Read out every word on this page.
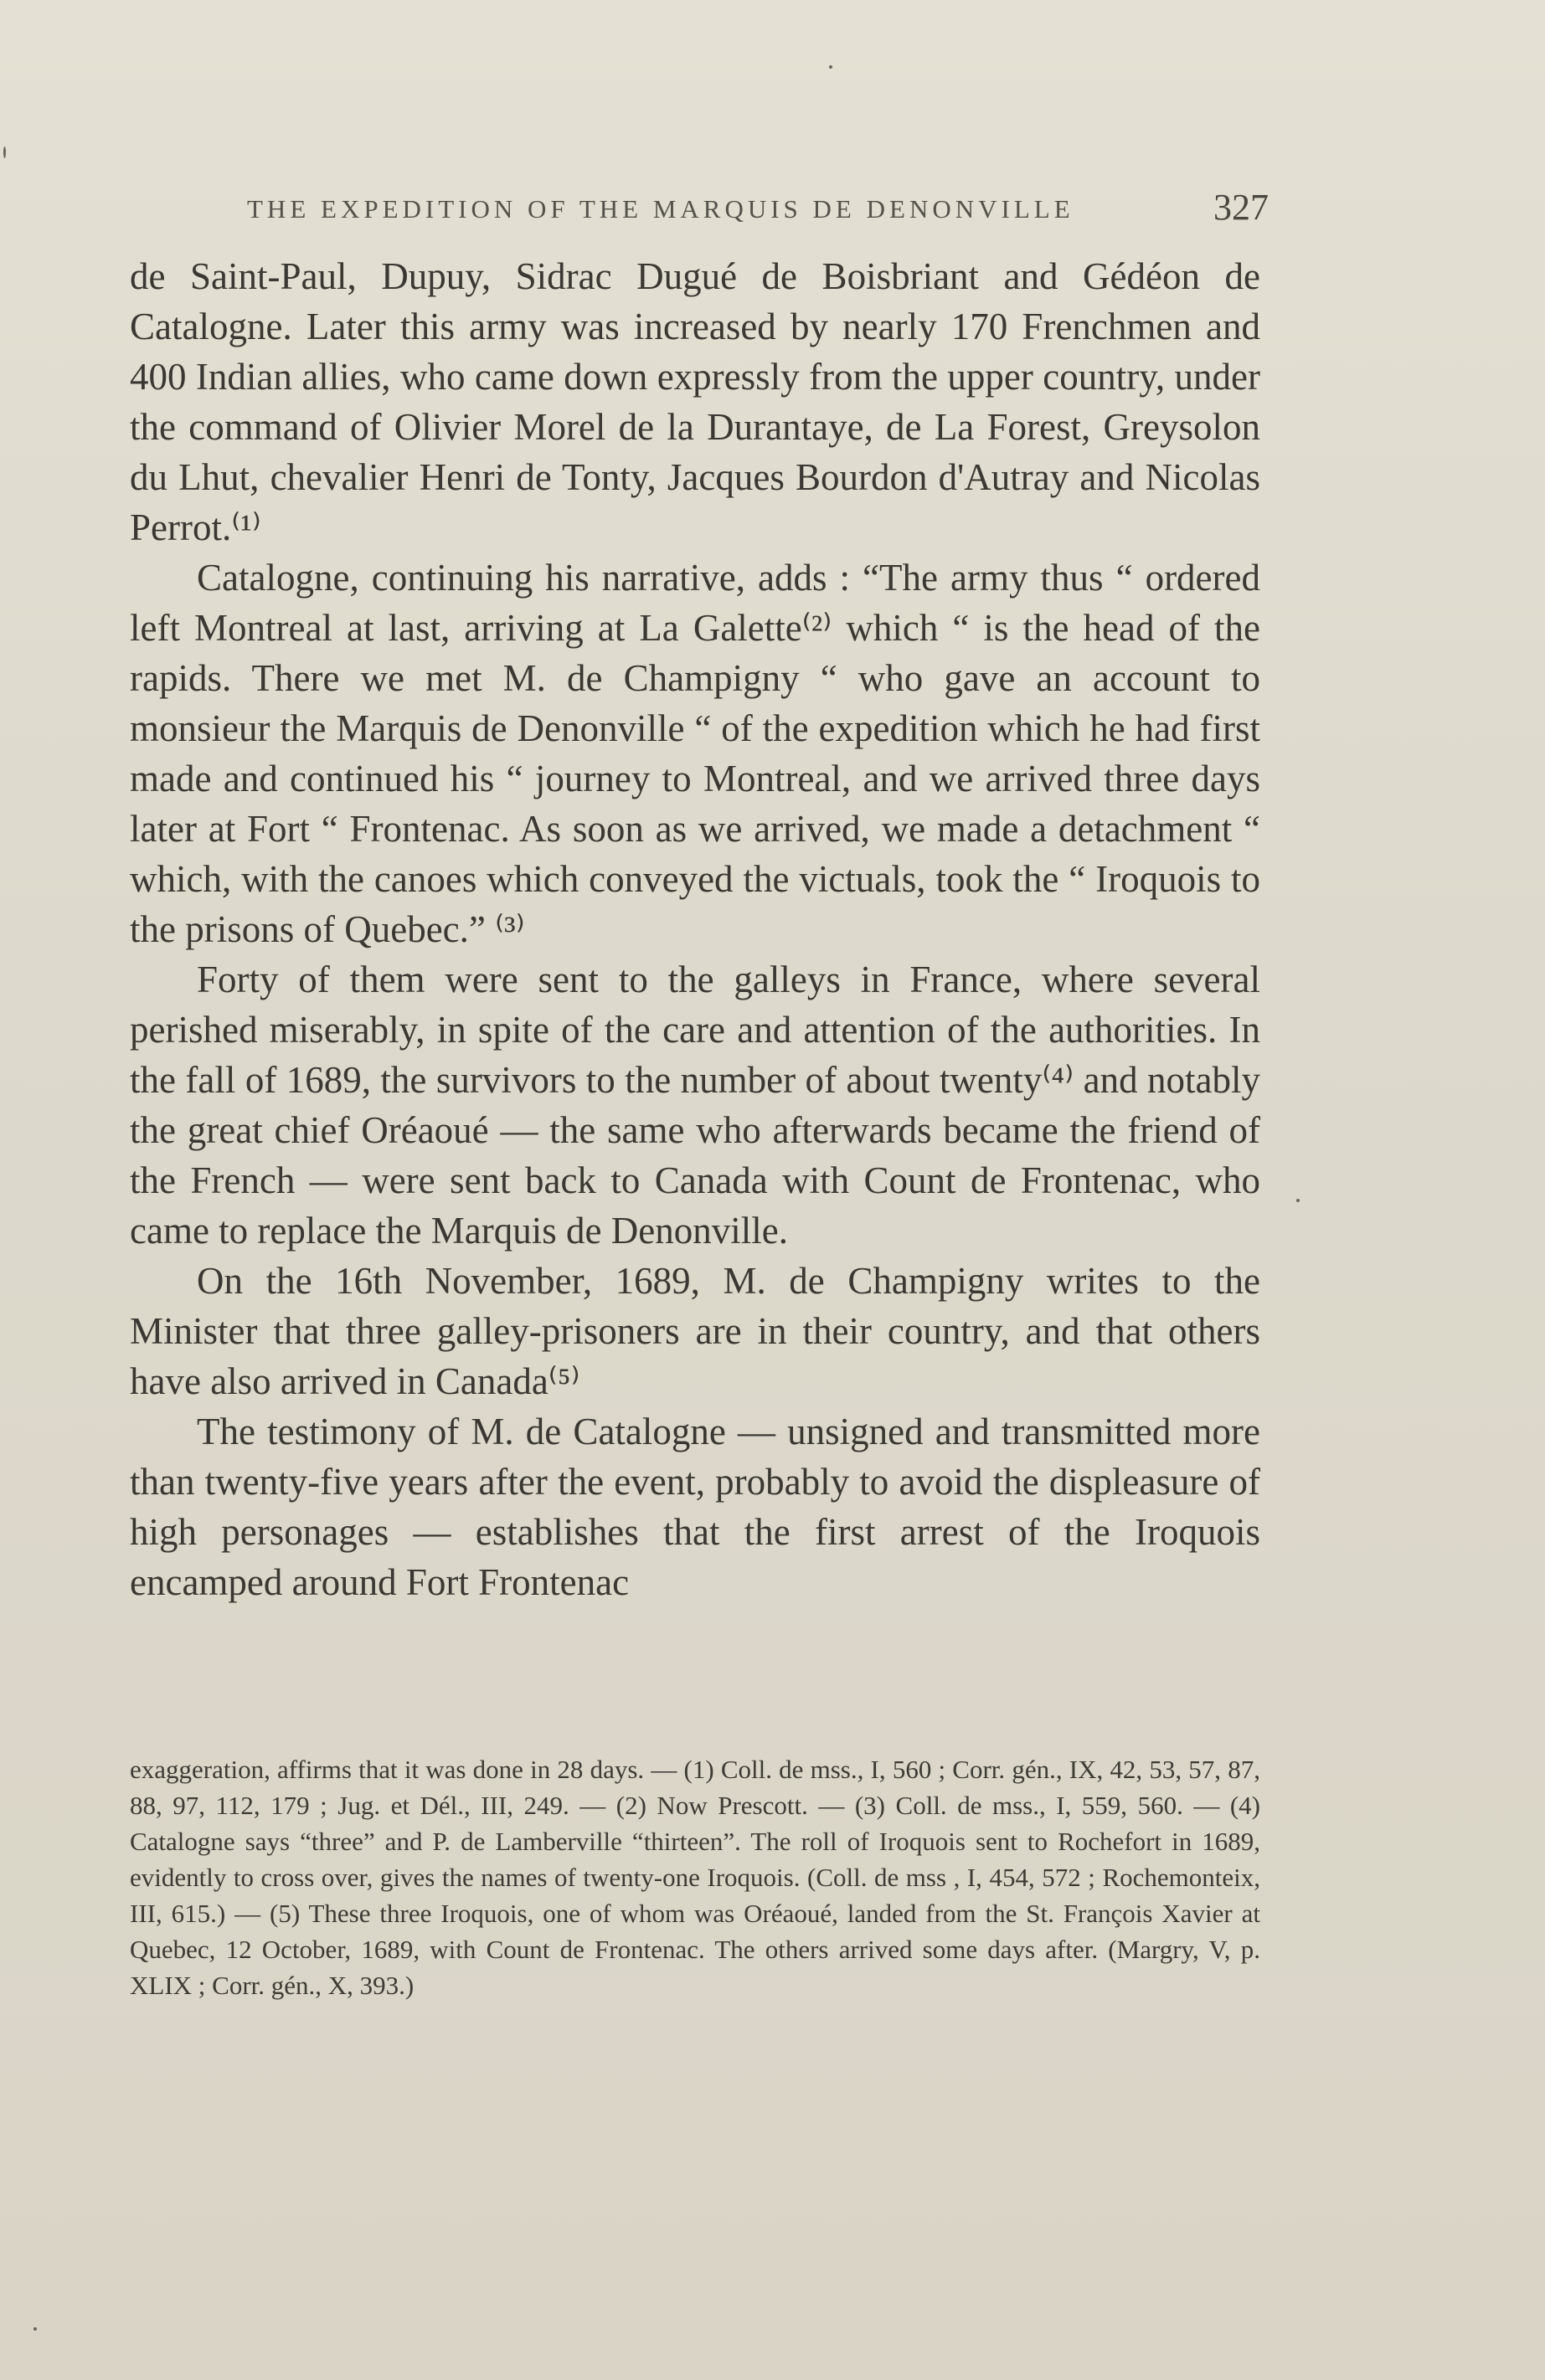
THE EXPEDITION OF THE MARQUIS DE DENONVILLE	327

de Saint-Paul, Dupuy, Sidrac Dugué de Boisbriant and Gédéon de Catalogne. Later this army was increased by nearly 170 Frenchmen and 400 Indian allies, who came down expressly from the upper country, under the command of Olivier Morel de la Durantaye, de La Forest, Greysolon du Lhut, chevalier Henri de Tonty, Jacques Bourdon d'Autray and Nicolas Perrot.⁽¹⁾

Catalogne, continuing his narrative, adds : “The army thus “ ordered left Montreal at last, arriving at La Galette⁽²⁾ which “ is the head of the rapids. There we met M. de Champigny “ who gave an account to monsieur the Marquis de Denonville “ of the expedition which he had first made and continued his “ journey to Montreal, and we arrived three days later at Fort “ Frontenac. As soon as we arrived, we made a detachment “ which, with the canoes which conveyed the victuals, took the “ Iroquois to the prisons of Quebec.” ⁽³⁾

Forty of them were sent to the galleys in France, where several perished miserably, in spite of the care and attention of the authorities. In the fall of 1689, the survivors to the number of about twenty⁽⁴⁾ and notably the great chief Oréaoué — the same who afterwards became the friend of the French — were sent back to Canada with Count de Frontenac, who came to replace the Marquis de Denonville.

On the 16th November, 1689, M. de Champigny writes to the Minister that three galley-prisoners are in their country, and that others have also arrived in Canada⁽⁵⁾

The testimony of M. de Catalogne — unsigned and transmitted more than twenty-five years after the event, probably to avoid the displeasure of high personages — establishes that the first arrest of the Iroquois encamped around Fort Frontenac

exaggeration, affirms that it was done in 28 days. — (1) Coll. de mss., I, 560 ; Corr. gén., IX, 42, 53, 57, 87, 88, 97, 112, 179 ; Jug. et Dél., III, 249. — (2) Now Prescott. — (3) Coll. de mss., I, 559, 560. — (4) Catalogne says “three” and P. de Lamberville “thirteen”. The roll of Iroquois sent to Rochefort in 1689, evidently to cross over, gives the names of twenty-one Iroquois. (Coll. de mss , I, 454, 572 ; Rochemonteix, III, 615.) — (5) These three Iroquois, one of whom was Oréaoué, landed from the St. François Xavier at Quebec, 12 October, 1689, with Count de Frontenac. The others arrived some days after. (Margry, V, p. XLIX ; Corr. gén., X, 393.)
